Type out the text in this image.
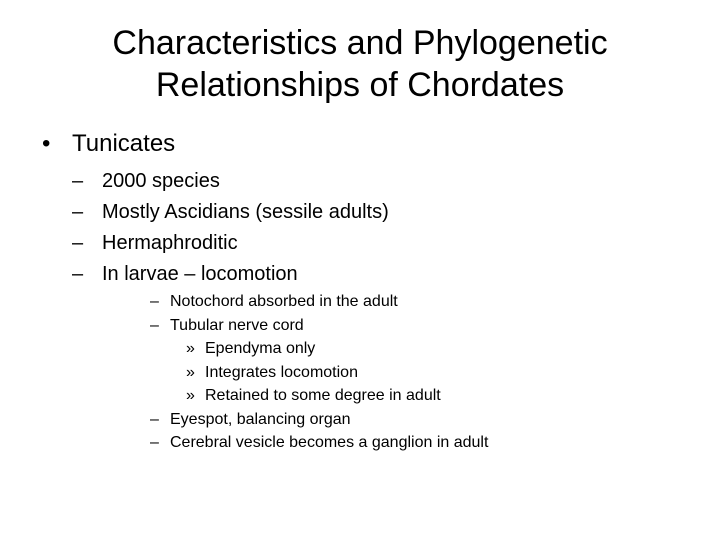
Characteristics and Phylogenetic
Relationships of Chordates
• Tunicates
– 2000 species
– Mostly Ascidians (sessile adults)
– Hermaphroditic
– In larvae – locomotion
– Notochord absorbed in the adult
– Tubular nerve cord
» Ependyma only
» Integrates locomotion
» Retained to some degree in adult
– Eyespot, balancing organ
– Cerebral vesicle becomes a ganglion in adult
